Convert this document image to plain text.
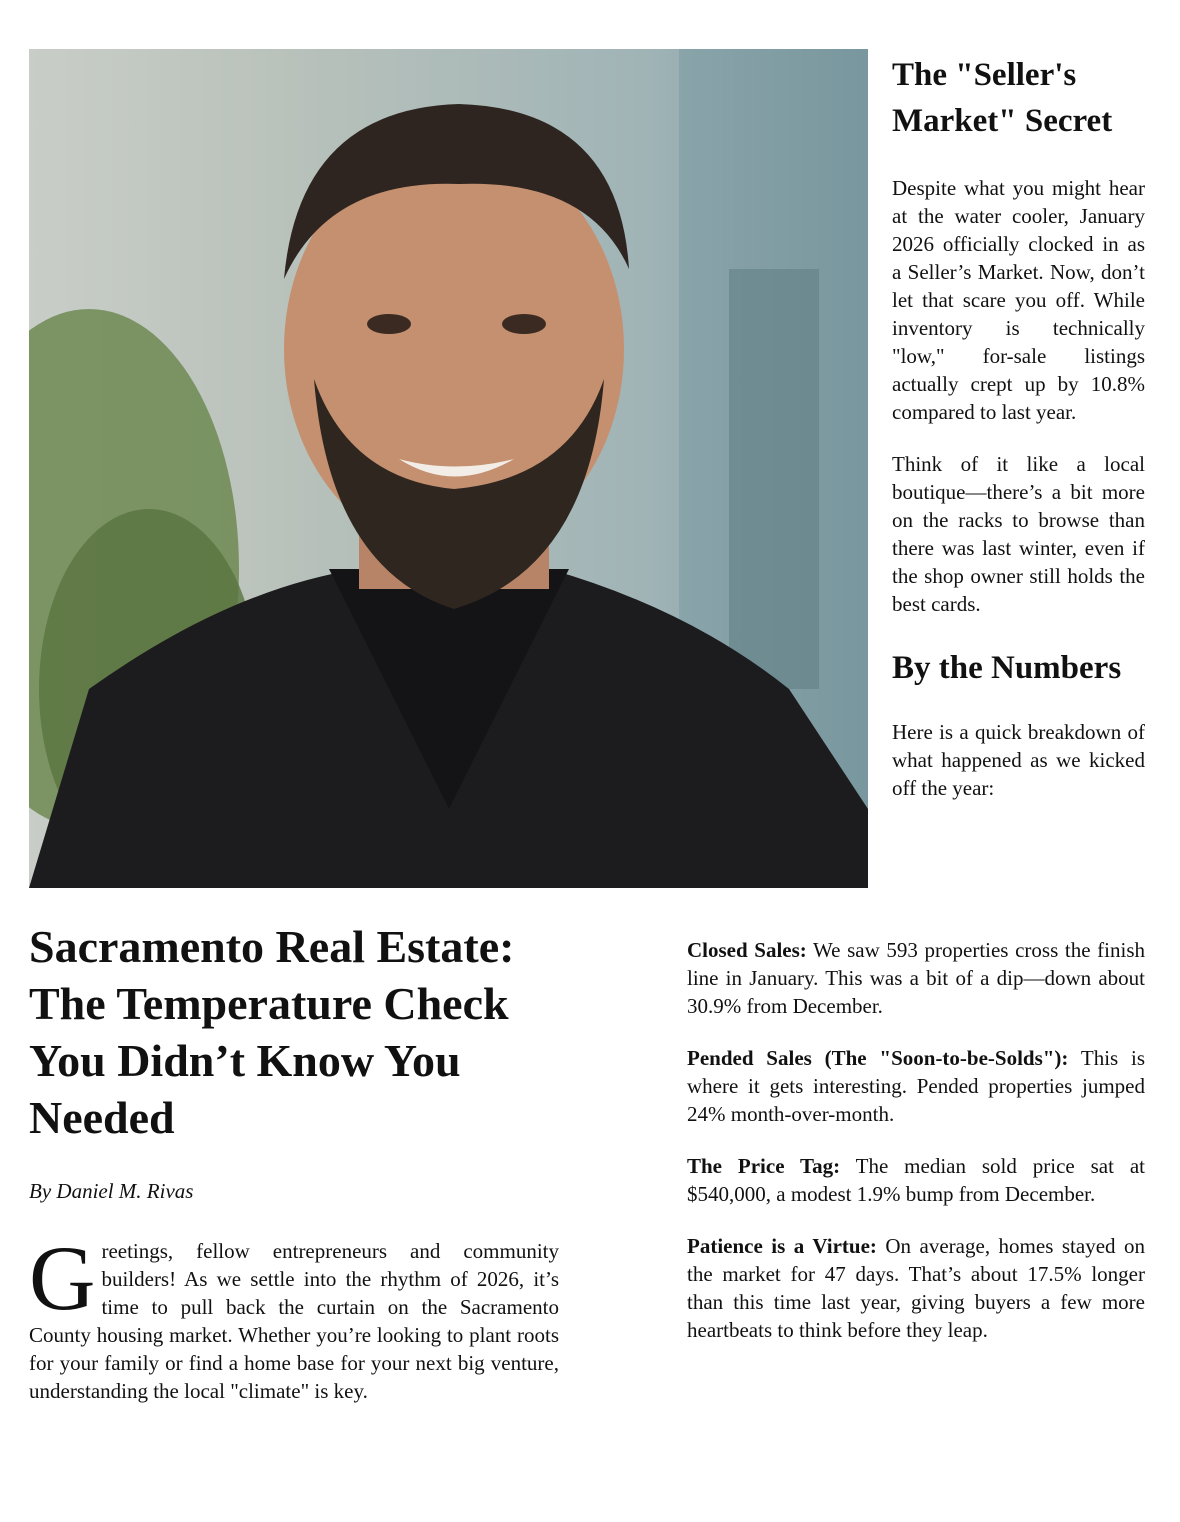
The "Seller's Market" Secret

Despite what you might hear at the water cooler, January 2026 officially clocked in as a Seller’s Market. Now, don’t let that scare you off. While inventory is technically "low," for-sale listings actually crept up by 10.8% compared to last year.

Think of it like a local boutique—there’s a bit more on the racks to browse than there was last winter, even if the shop owner still holds the best cards.

By the Numbers

Here is a quick breakdown of what happened as we kicked off the year:

Sacramento Real Estate: The Temperature Check You Didn’t Know You Needed

By Daniel M. Rivas

Greetings, fellow entrepreneurs and community builders! As we settle into the rhythm of 2026, it’s time to pull back the curtain on the Sacramento County housing market. Whether you’re looking to plant roots for your family or find a home base for your next big venture, understanding the local "climate" is key.

Closed Sales: We saw 593 properties cross the finish line in January. This was a bit of a dip—down about 30.9% from December.

Pended Sales (The "Soon-to-be-Solds"): This is where it gets interesting. Pended properties jumped 24% month-over-month.

The Price Tag: The median sold price sat at $540,000, a modest 1.9% bump from December.

Patience is a Virtue: On average, homes stayed on the market for 47 days. That’s about 17.5% longer than this time last year, giving buyers a few more heartbeats to think before they leap.
